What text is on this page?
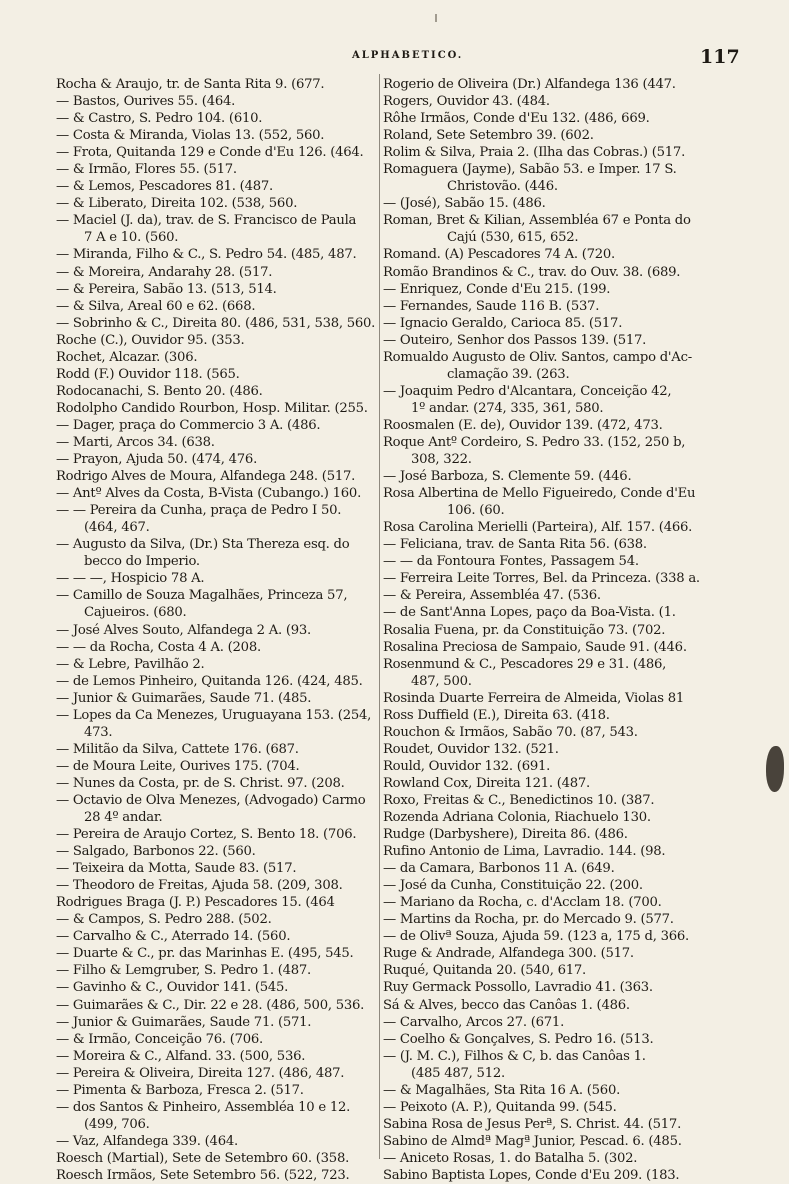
ALPHABETICO.	117
Rocha & Araujo, tr. de Santa Rita 9. (677.
— Bastos, Ourives 55. (464.
— & Castro, S. Pedro 104. (610.
— Costa & Miranda, Violas 13. (552, 560.
— Frota, Quitanda 129 e Conde d'Eu 126. (464.
— & Irmão, Flores 55. (517.
— & Lemos, Pescadores 81. (487.
— & Liberato, Direita 102. (538, 560.
— Maciel (J. da), trav. de S. Francisco de Paula
7 A e 10. (560.
— Miranda, Filho & C., S. Pedro 54. (485, 487.
— & Moreira, Andarahy 28. (517.
— & Pereira, Sabão 13. (513, 514.
— & Silva, Areal 60 e 62. (668.
— Sobrinho & C., Direita 80. (486, 531, 538, 560.
Roche (C.), Ouvidor 95. (353.
Rochet, Alcazar. (306.
Rodd (F.) Ouvidor 118. (565.
Rodocanachi, S. Bento 20. (486.
Rodolpho Candido Rourbon, Hosp. Militar. (255.
— Dager, praça do Commercio 3 A. (486.
— Marti, Arcos 34. (638.
— Prayon, Ajuda 50. (474, 476.
Rodrigo Alves de Moura, Alfandega 248. (517.
— Antº Alves da Costa, B-Vista (Cubango.) 160.
— — Pereira da Cunha, praça de Pedro I 50.
(464, 467.
— Augusto da Silva, (Dr.) Sta Thereza esq. do
becco do Imperio.
— — —, Hospicio 78 A.
— Camillo de Souza Magalhães, Princeza 57,
Cajueiros. (680.
— José Alves Souto, Alfandega 2 A. (93.
— — da Rocha, Costa 4 A. (208.
— & Lebre, Pavilhão 2.
— de Lemos Pinheiro, Quitanda 126. (424, 485.
— Junior & Guimarães, Saude 71. (485.
— Lopes da Ca Menezes, Uruguayana 153. (254,
473.
— Militão da Silva, Cattete 176. (687.
— de Moura Leite, Ourives 175. (704.
— Nunes da Costa, pr. de S. Christ. 97. (208.
— Octavio de Olva Menezes, (Advogado) Carmo
28 4º andar.
— Pereira de Araujo Cortez, S. Bento 18. (706.
— Salgado, Barbonos 22. (560.
— Teixeira da Motta, Saude 83. (517.
— Theodoro de Freitas, Ajuda 58. (209, 308.
Rodrigues Braga (J. P.) Pescadores 15. (464
— & Campos, S. Pedro 288. (502.
— Carvalho & C., Aterrado 14. (560.
— Duarte & C., pr. das Marinhas E. (495, 545.
— Filho & Lemgruber, S. Pedro 1. (487.
— Gavinho & C., Ouvidor 141. (545.
— Guimarães & C., Dir. 22 e 28. (486, 500, 536.
— Junior & Guimarães, Saude 71. (571.
— & Irmão, Conceição 76. (706.
— Moreira & C., Alfand. 33. (500, 536.
— Pereira & Oliveira, Direita 127. (486, 487.
— Pimenta & Barboza, Fresca 2. (517.
— dos Santos & Pinheiro, Assembléa 10 e 12.
(499, 706.
— Vaz, Alfandega 339. (464.
Roesch (Martial), Sete de Setembro 60. (358.
Roesch Irmãos, Sete Setembro 56. (522, 723.
Rogerio de Oliveira (Dr.) Alfandega 136 (447.
Rogers, Ouvidor 43. (484.
Rôhe Irmãos, Conde d'Eu 132. (486, 669.
Roland, Sete Setembro 39. (602.
Rolim & Silva, Praia 2. (Ilha das Cobras.) (517.
Romaguera (Jayme), Sabão 53. e Imper. 17 S.
Christovão. (446.
— (José), Sabão 15. (486.
Roman, Bret & Kilian, Assembléa 67 e Ponta do
Cajú (530, 615, 652.
Romand. (A) Pescadores 74 A. (720.
Romão Brandinos & C., trav. do Ouv. 38. (689.
— Enriquez, Conde d'Eu 215. (199.
— Fernandes, Saude 116 B. (537.
— Ignacio Geraldo, Carioca 85. (517.
— Outeiro, Senhor dos Passos 139. (517.
Romualdo Augusto de Oliv. Santos, campo d'Ac-
clamação 39. (263.
— Joaquim Pedro d'Alcantara, Conceição 42,
1º andar. (274, 335, 361, 580.
Roosmalen (E. de), Ouvidor 139. (472, 473.
Roque Antº Cordeiro, S. Pedro 33. (152, 250 b,
308, 322.
— José Barboza, S. Clemente 59. (446.
Rosa Albertina de Mello Figueiredo, Conde d'Eu
106. (60.
Rosa Carolina Merielli (Parteira), Alf. 157. (466.
— Feliciana, trav. de Santa Rita 56. (638.
— — da Fontoura Fontes, Passagem 54.
— Ferreira Leite Torres, Bel. da Princeza. (338 a.
— & Pereira, Assembléa 47. (536.
— de Sant'Anna Lopes, paço da Boa-Vista. (1.
Rosalia Fuena, pr. da Constituição 73. (702.
Rosalina Preciosa de Sampaio, Saude 91. (446.
Rosenmund & C., Pescadores 29 e 31. (486,
487, 500.
Rosinda Duarte Ferreira de Almeida, Violas 81
Ross Duffield (E.), Direita 63. (418.
Rouchon & Irmãos, Sabão 70. (87, 543.
Roudet, Ouvidor 132. (521.
Rould, Ouvidor 132. (691.
Rowland Cox, Direita 121. (487.
Roxo, Freitas & C., Benedictinos 10. (387.
Rozenda Adriana Colonia, Riachuelo 130.
Rudge (Darbyshere), Direita 86. (486.
Rufino Antonio de Lima, Lavradio. 144. (98.
— da Camara, Barbonos 11 A. (649.
— José da Cunha, Constituição 22. (200.
— Mariano da Rocha, c. d'Acclam 18. (700.
— Martins da Rocha, pr. do Mercado 9. (577.
— de Olivª Souza, Ajuda 59. (123 a, 175 d, 366.
Ruge & Andrade, Alfandega 300. (517.
Ruqué, Quitanda 20. (540, 617.
Ruy Germack Possollo, Lavradio 41. (363.
Sá & Alves, becco das Canôas 1. (486.
— Carvalho, Arcos 27. (671.
— Coelho & Gonçalves, S. Pedro 16. (513.
— (J. M. C.), Filhos & C, b. das Canôas 1.
(485 487, 512.
— & Magalhães, Sta Rita 16 A. (560.
— Peixoto (A. P.), Quitanda 99. (545.
Sabina Rosa de Jesus Perª, S. Christ. 44. (517.
Sabino de Almdª Magª Junior, Pescad. 6. (485.
— Aniceto Rosas, 1. do Batalha 5. (302.
Sabino Baptista Lopes, Conde d'Eu 209. (183.
